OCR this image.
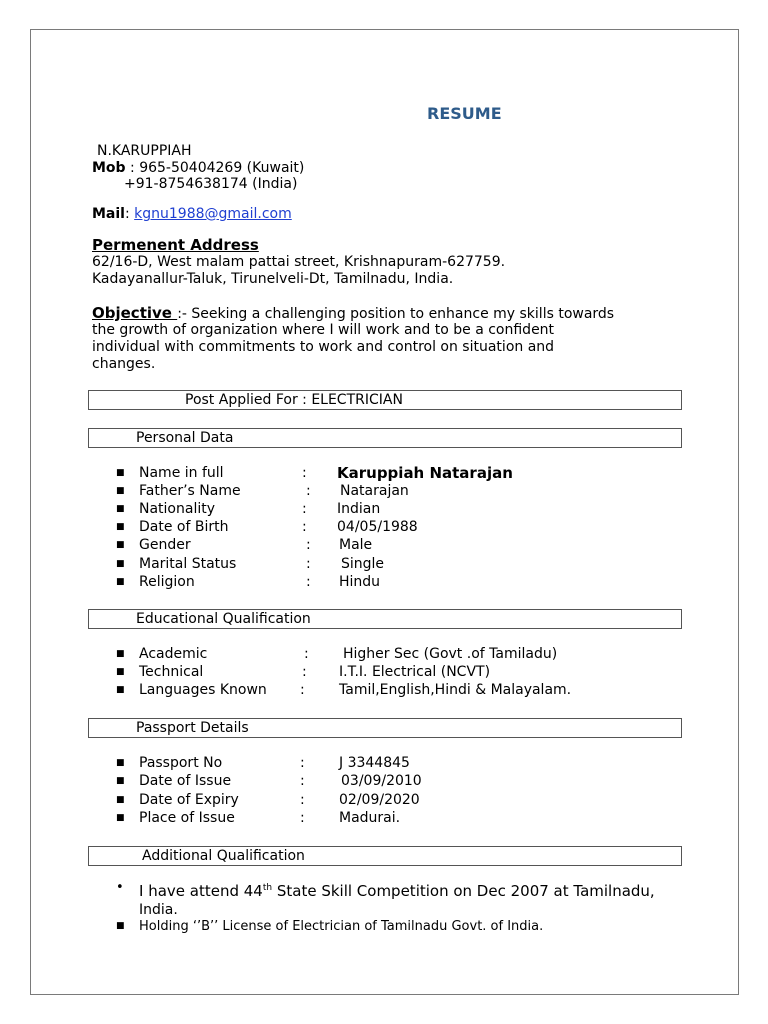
RESUME
N.KARUPPIAH
Mob : 965-50404269 (Kuwait)
+91-8754638174 (India)
Mail: kgnu1988@gmail.com
Permenent Address
62/16-D, West malam pattai street, Krishnapuram-627759.
Kadayanallur-Taluk, Tirunelveli-Dt, Tamilnadu, India.
Objective :- Seeking a challenging position to enhance my skills towards
the growth of organization where I will work and to be a confident
individual with commitments to work and control on situation and
changes.
Post Applied For : ELECTRICIAN
Personal Data
■ Name in full	: Karuppiah Natarajan
■ Father’s Name	: Natarajan
■ Nationality	: Indian
■ Date of Birth	: 04/05/1988
■ Gender	: Male
■ Marital Status	: Single
■ Religion	: Hindu
Educational Qualification
■ Academic	: Higher Sec (Govt .of Tamiladu)
■ Technical	: I.T.I. Electrical (NCVT)
■ Languages Known : Tamil,English,Hindi & Malayalam.
Passport Details
■ Passport No	: J 3344845
■ Date of Issue	:	03/09/2010
■ Date of Expiry	: 02/09/2020
■ Place of Issue	: Madurai.
Additional Qualification
• I have attend 44th State Skill Competition on Dec 2007 at Tamilnadu,
India.
■ Holding ‘’B’’ License of Electrician of Tamilnadu Govt. of India.
